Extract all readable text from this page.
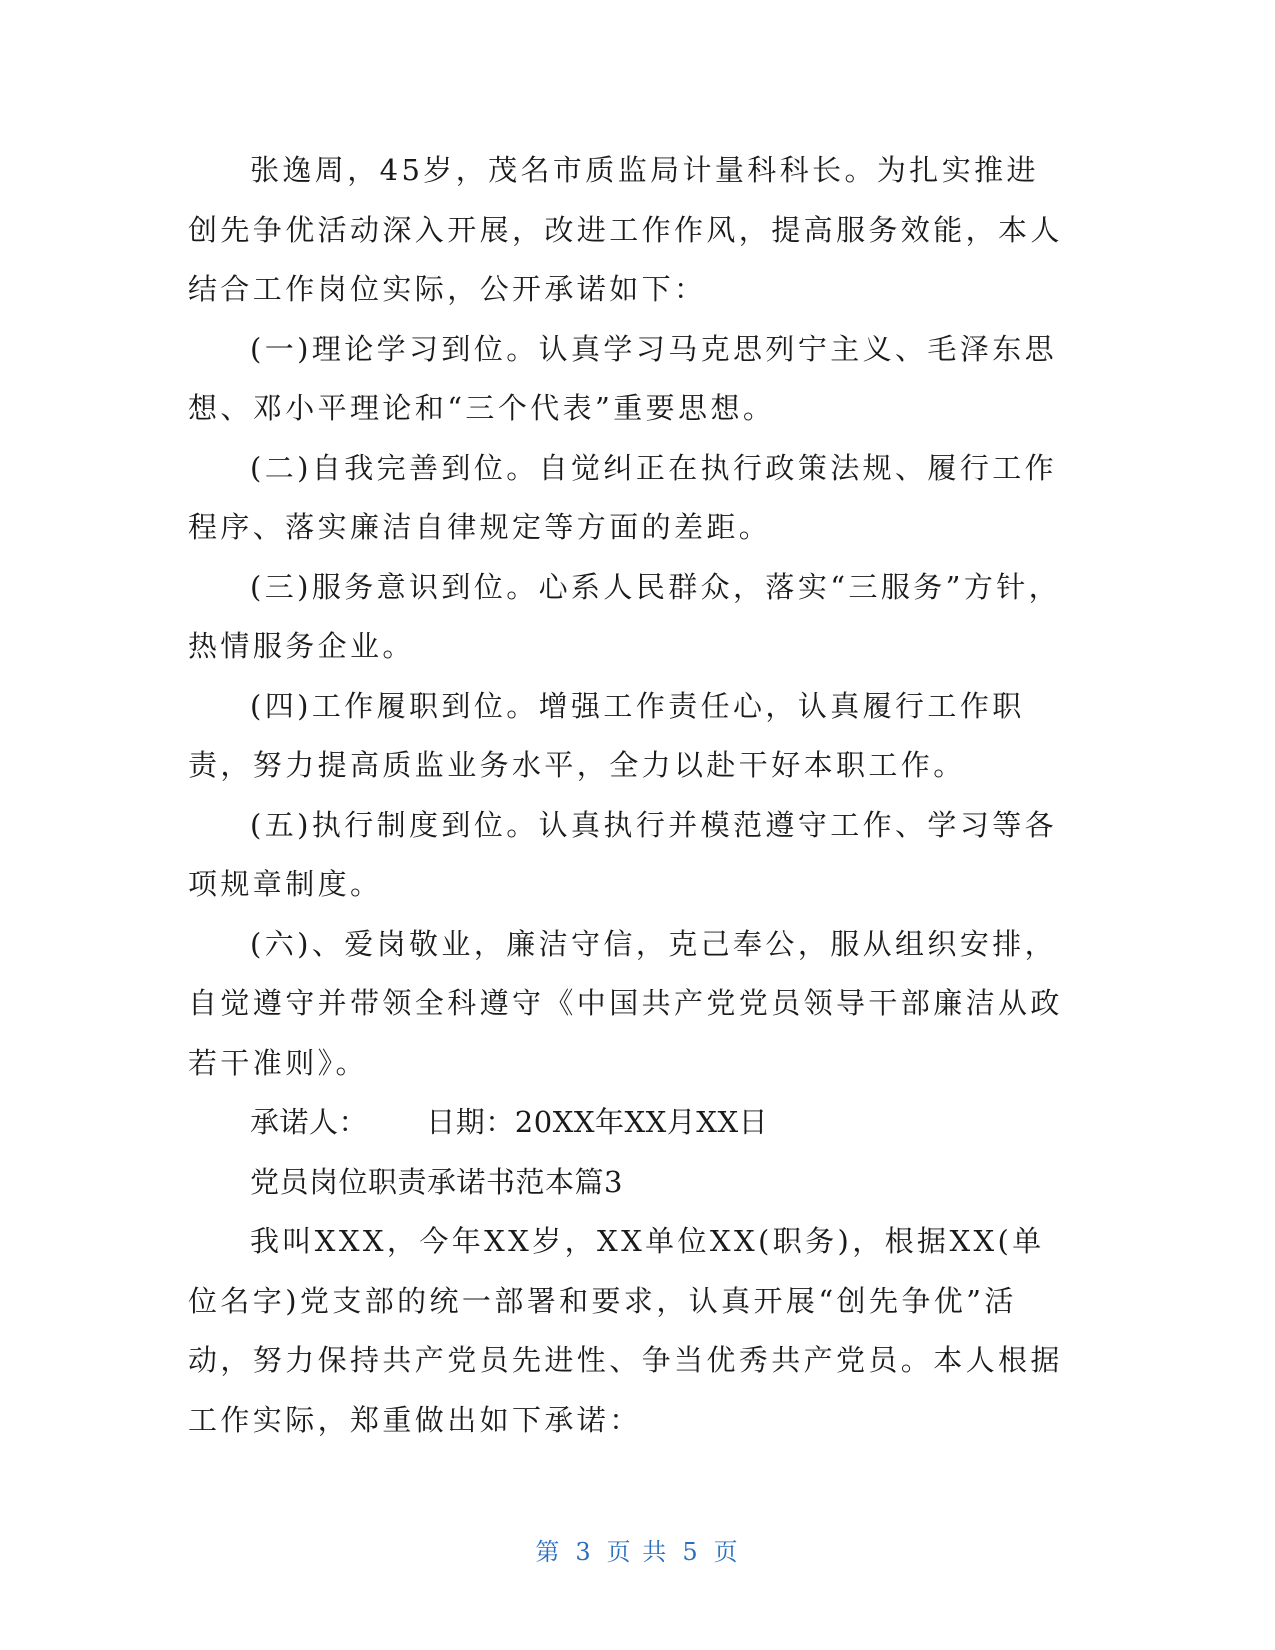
张逸周，45岁，茂名市质监局计量科科长。为扎实推进创先争优活动深入开展，改进工作作风，提高服务效能，本人结合工作岗位实际，公开承诺如下：

(一)理论学习到位。认真学习马克思列宁主义、毛泽东思想、邓小平理论和“三个代表”重要思想。

(二)自我完善到位。自觉纠正在执行政策法规、履行工作程序、落实廉洁自律规定等方面的差距。

(三)服务意识到位。心系人民群众，落实“三服务”方针，热情服务企业。

(四)工作履职到位。增强工作责任心，认真履行工作职责，努力提高质监业务水平，全力以赴干好本职工作。

(五)执行制度到位。认真执行并模范遵守工作、学习等各项规章制度。

(六)、爱岗敬业，廉洁守信，克己奉公，服从组织安排，自觉遵守并带领全科遵守《中国共产党党员领导干部廉洁从政若干准则》。

承诺人：      日期：20XX年XX月XX日

党员岗位职责承诺书范本篇3

我叫XXX，今年XX岁，XX单位XX(职务)，根据XX(单位名字)党支部的统一部署和要求，认真开展“创先争优”活动，努力保持共产党员先进性、争当优秀共产党员。本人根据工作实际，郑重做出如下承诺：

第 3 页 共 5 页
